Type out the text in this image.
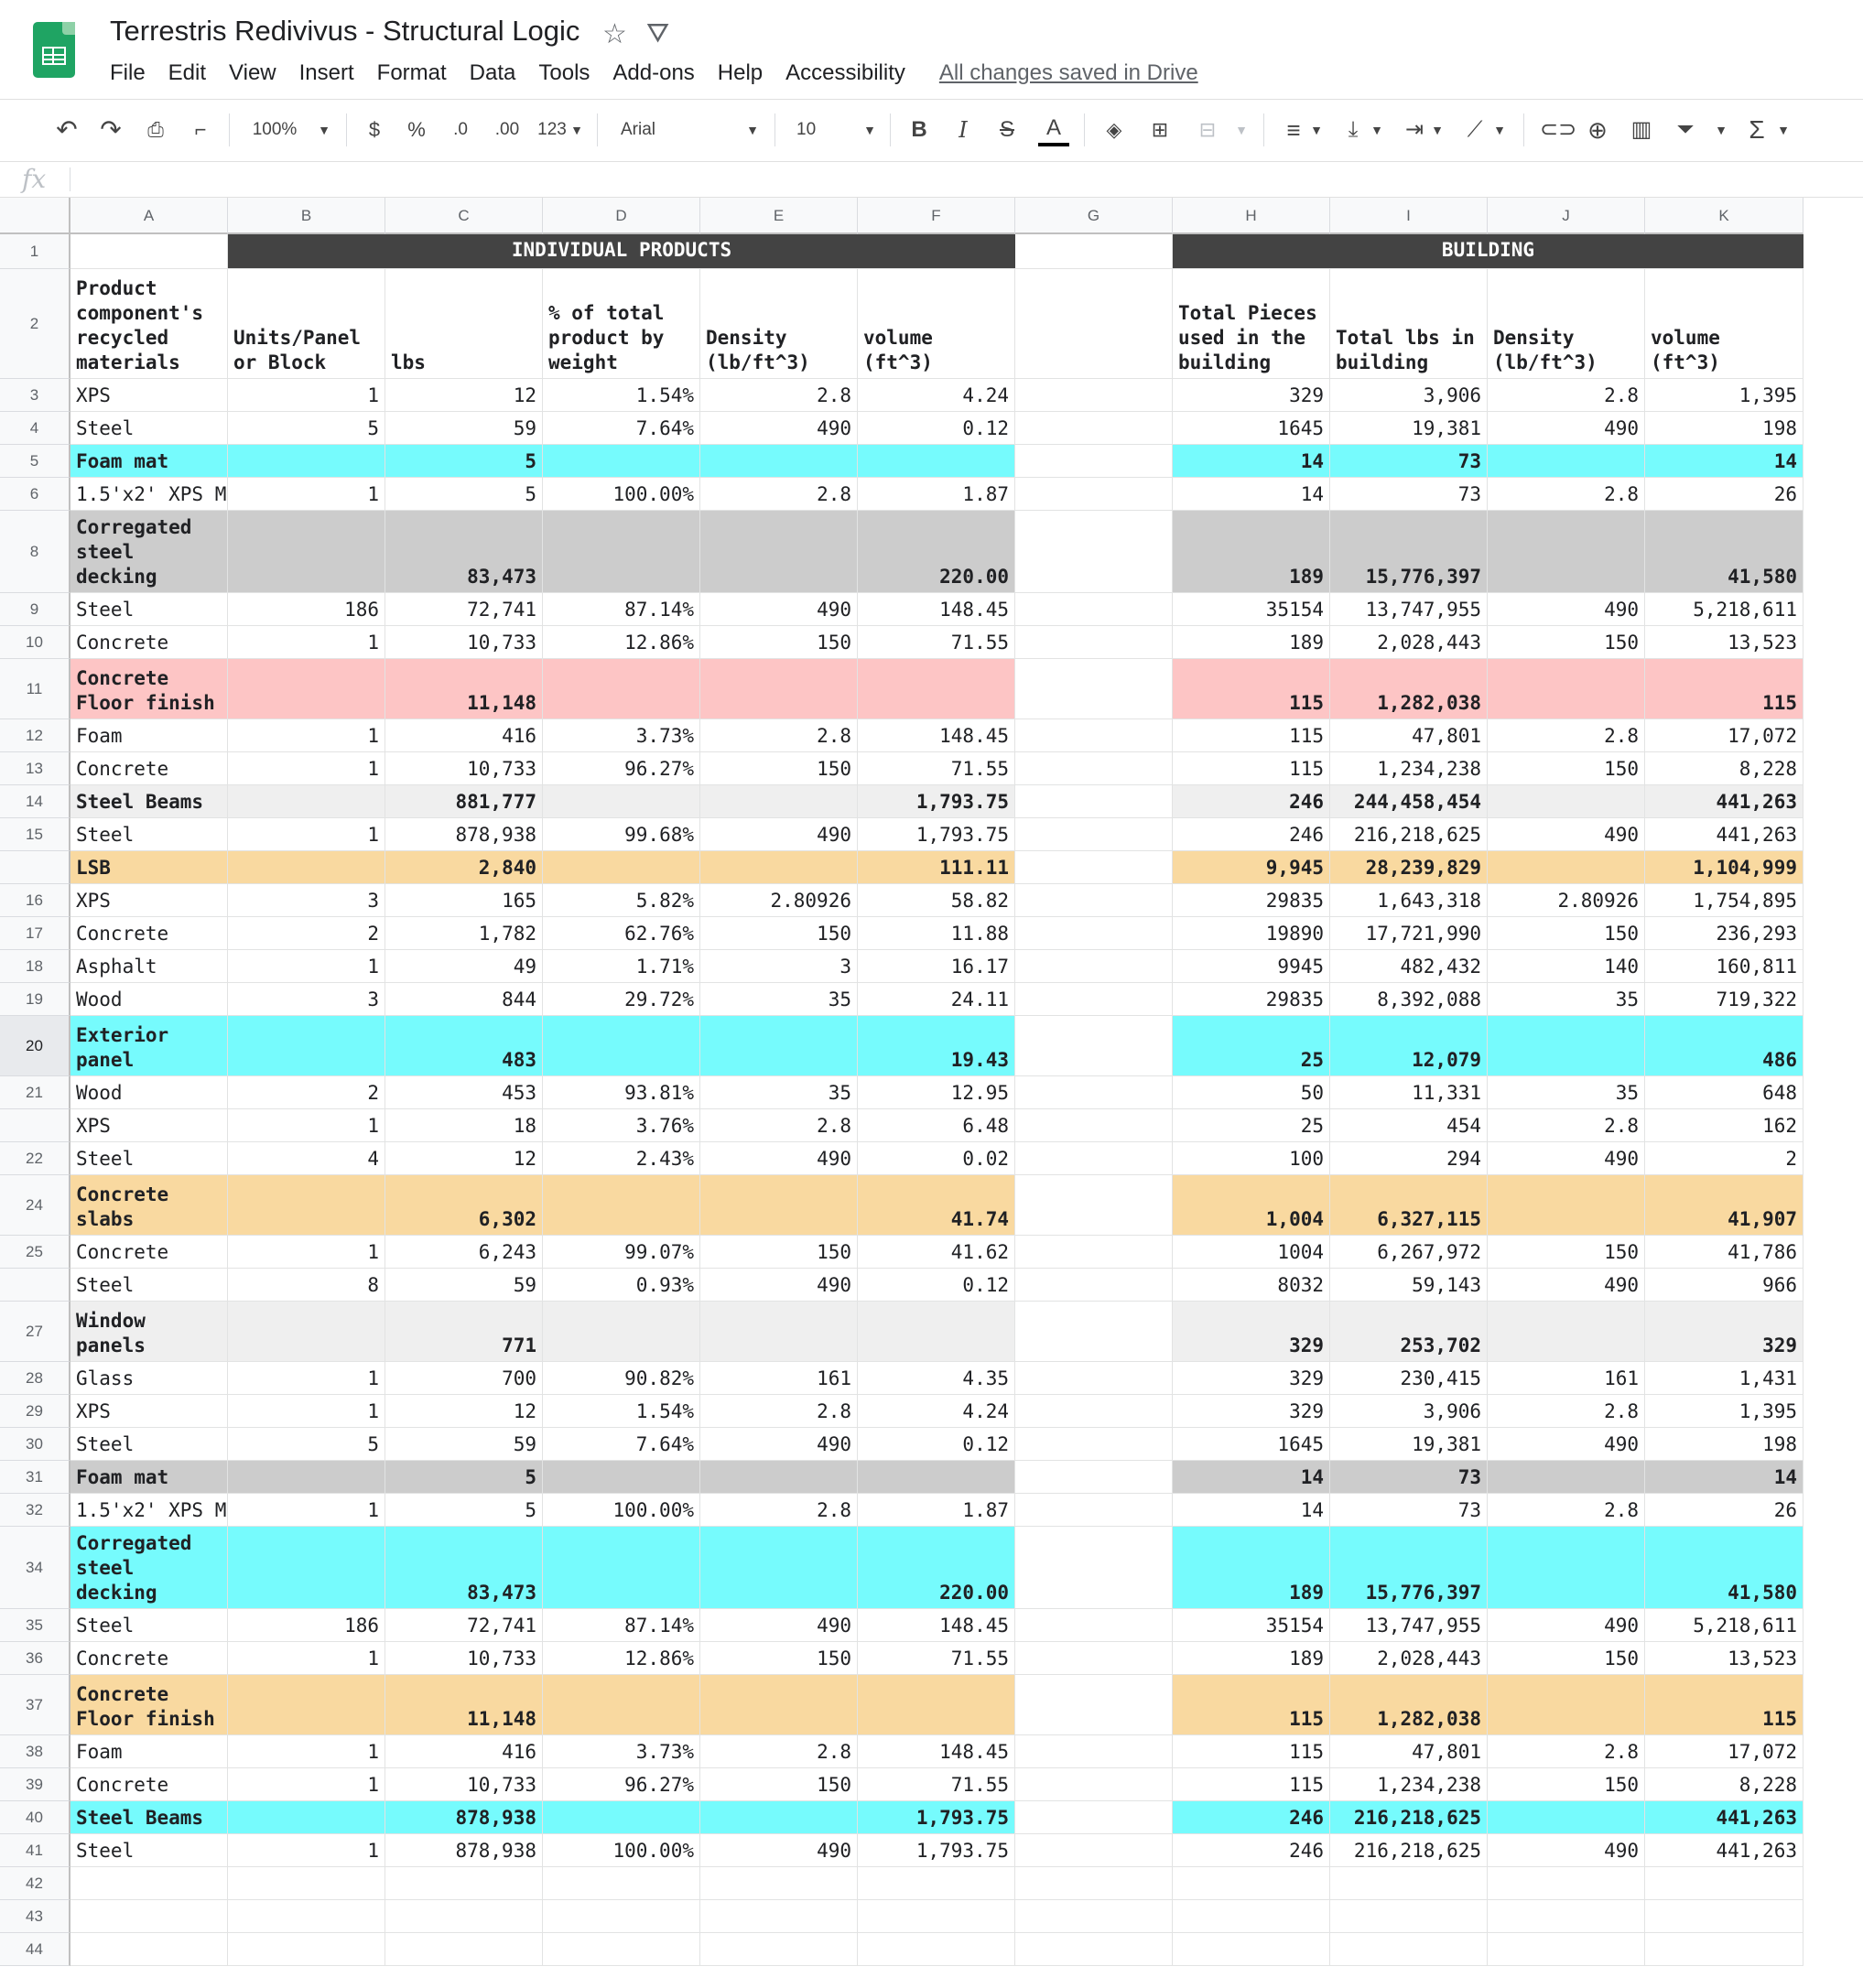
Terrestris Redivivus - Structural Logic ☆ ⛛
File Edit View Insert Format Data Tools Add-ons Help Accessibility All changes saved in Drive
↶ ↷	⎙	⌐	100% ▼ $ %	.0	.00 123 ▼ Arial	▼ 10	▼ B	I	S	A	◈ ⊞	⊟	▼ ≡ ▼	⤓ ▼ ⇥ ▼ ⟋ ▼ ⊂⊃ ⊕ ▥ ⏷	▼ Σ ▼
fx
A	B	C	D	E	F	G	H	I	J	K
1
2
3
4
5
6
8
9
10
11
12
13
14
15
16
17
18
19
20
21
22
24
25
27
28
29
30
31
32
34
35
36
37
38
39
40
41
42
43
44
INDIVIDUAL PRODUCTS	BUILDING
Product
component's
recycled
materials
Units/Panel
or Block	lbs
% of total
product by
weight
Density
(lb/ft^3)
volume
(ft^3)
Total Pieces
used in the
building
Total lbs in
building
Density
(lb/ft^3)
volume
(ft^3)
XPS	1	12	1.54%	2.8	4.24	329	3,906	2.8	1,395
Steel	5	59	7.64%	490	0.12	1645	19,381	490	198
Foam mat	5	14	73	14
1.5'x2' XPS M	1	5	100.00%	2.8	1.87	14	73	2.8	26
Corregated
steel
decking	83,473	220.00	189	15,776,397	41,580
Steel	186	72,741	87.14%	490	148.45	35154	13,747,955	490	5,218,611
Concrete	1	10,733	12.86%	150	71.55	189	2,028,443	150	13,523
Concrete
Floor finish	11,148	115	1,282,038	115
Foam	1	416	3.73%	2.8	148.45	115	47,801	2.8	17,072
Concrete	1	10,733	96.27%	150	71.55	115	1,234,238	150	8,228
Steel Beams	881,777	1,793.75	246	244,458,454	441,263
Steel	1	878,938	99.68%	490	1,793.75	246	216,218,625	490	441,263
LSB	2,840	111.11	9,945	28,239,829	1,104,999
XPS	3	165	5.82%	2.80926	58.82	29835	1,643,318	2.80926	1,754,895
Concrete	2	1,782	62.76%	150	11.88	19890	17,721,990	150	236,293
Asphalt	1	49	1.71%	3	16.17	9945	482,432	140	160,811
Wood	3	844	29.72%	35	24.11	29835	8,392,088	35	719,322
Exterior
panel	483	19.43	25	12,079	486
Wood	2	453	93.81%	35	12.95	50	11,331	35	648
XPS	1	18	3.76%	2.8	6.48	25	454	2.8	162
Steel	4	12	2.43%	490	0.02	100	294	490	2
Concrete
slabs	6,302	41.74	1,004	6,327,115	41,907
Concrete	1	6,243	99.07%	150	41.62	1004	6,267,972	150	41,786
Steel	8	59	0.93%	490	0.12	8032	59,143	490	966
Window
panels	771	329	253,702	329
Glass	1	700	90.82%	161	4.35	329	230,415	161	1,431
XPS	1	12	1.54%	2.8	4.24	329	3,906	2.8	1,395
Steel	5	59	7.64%	490	0.12	1645	19,381	490	198
Foam mat	5	14	73	14
1.5'x2' XPS M	1	5	100.00%	2.8	1.87	14	73	2.8	26
Corregated
steel
decking	83,473	220.00	189	15,776,397	41,580
Steel	186	72,741	87.14%	490	148.45	35154	13,747,955	490	5,218,611
Concrete	1	10,733	12.86%	150	71.55	189	2,028,443	150	13,523
Concrete
Floor finish	11,148	115	1,282,038	115
Foam	1	416	3.73%	2.8	148.45	115	47,801	2.8	17,072
Concrete	1	10,733	96.27%	150	71.55	115	1,234,238	150	8,228
Steel Beams	878,938	1,793.75	246	216,218,625	441,263
Steel	1	878,938	100.00%	490	1,793.75	246	216,218,625	490	441,263
